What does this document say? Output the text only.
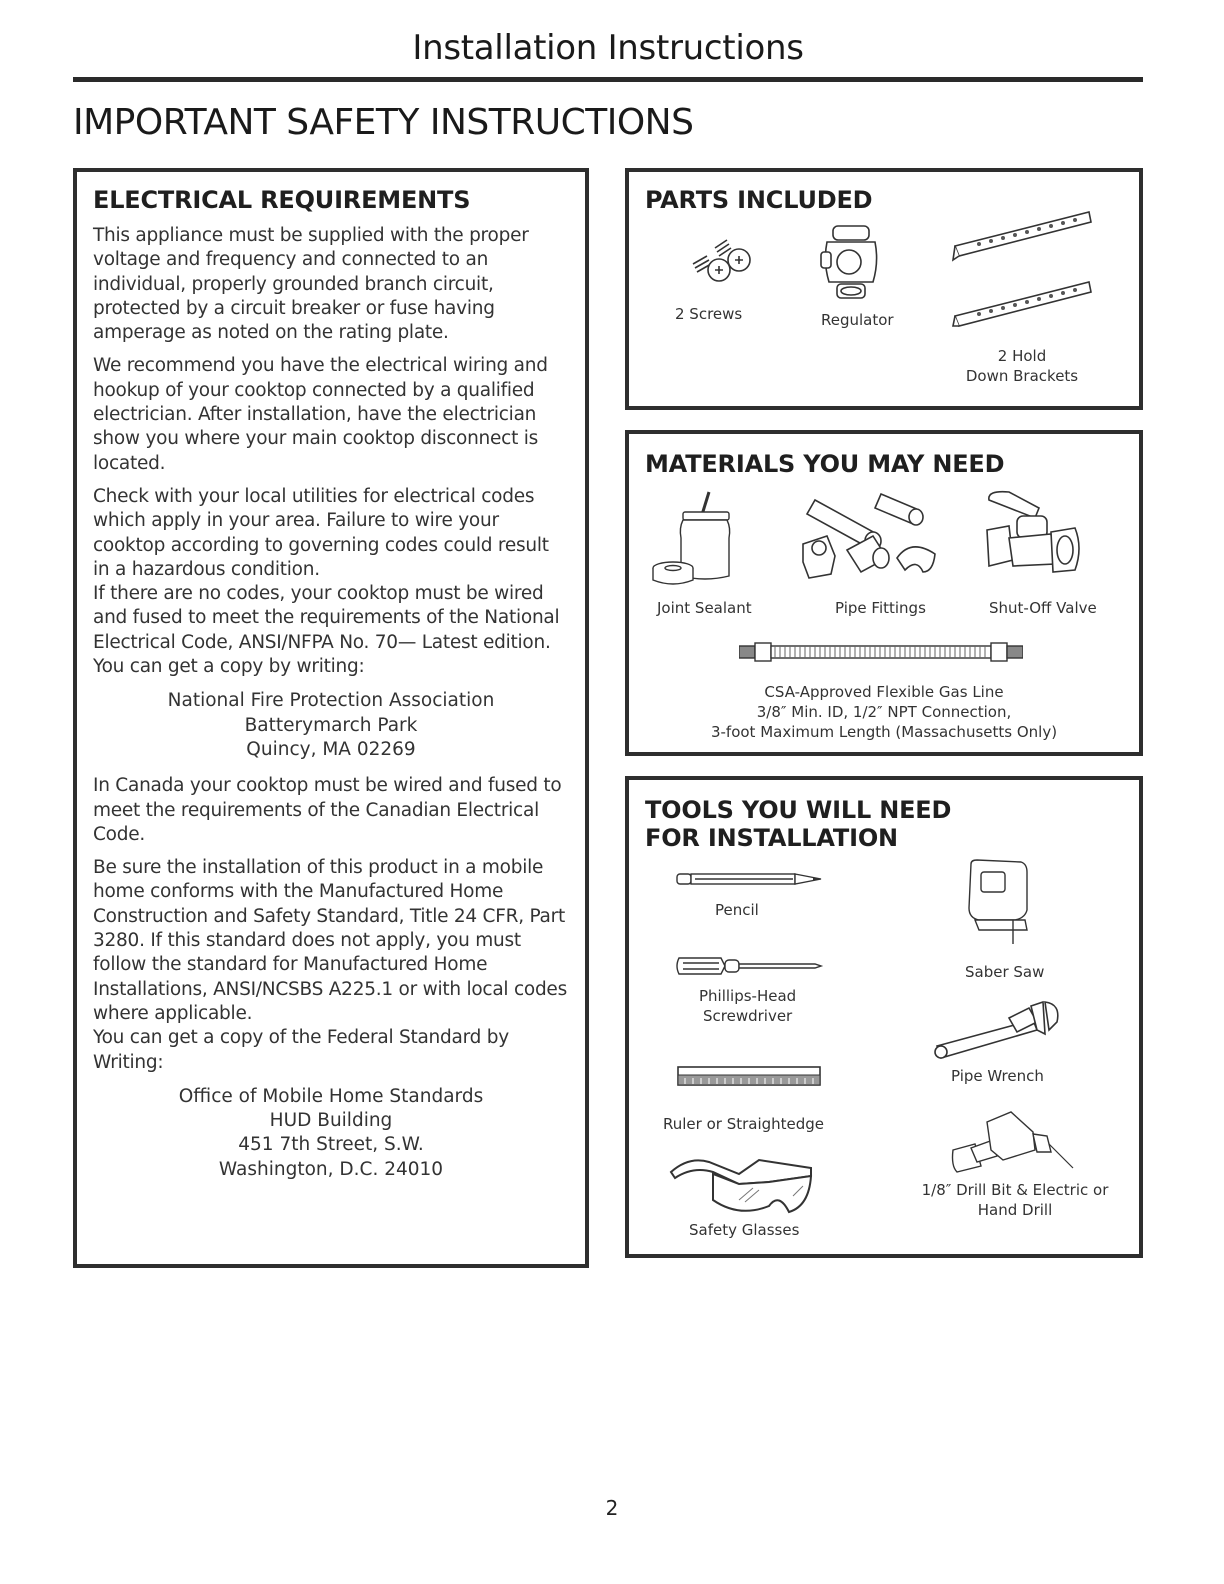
Installation Instructions
IMPORTANT SAFETY INSTRUCTIONS
ELECTRICAL REQUIREMENTS

This appliance must be supplied with the proper voltage and frequency and connected to an individual, properly grounded branch circuit, protected by a circuit breaker or fuse having amperage as noted on the rating plate.

We recommend you have the electrical wiring and hookup of your cooktop connected by a qualified electrician. After installation, have the electrician show you where your main cooktop disconnect is located.

Check with your local utilities for electrical codes which apply in your area. Failure to wire your cooktop according to governing codes could result in a hazardous condition.

If there are no codes, your cooktop must be wired and fused to meet the requirements of the National Electrical Code, ANSI/NFPA No. 70— Latest edition. You can get a copy by writing:

National Fire Protection Association
Batterymarch Park
Quincy, MA 02269

In Canada your cooktop must be wired and fused to meet the requirements of the Canadian Electrical Code.

Be sure the installation of this product in a mobile home conforms with the Manufactured Home Construction and Safety Standard, Title 24 CFR, Part 3280. If this standard does not apply, you must follow the standard for Manufactured Home Installations, ANSI/NCSBS A225.1 or with local codes where applicable.

You can get a copy of the Federal Standard by Writing:

Office of Mobile Home Standards
HUD Building
451 7th Street, S.W.
Washington, D.C. 24010
PARTS INCLUDED
2 Screws	Regulator
2 Hold
Down Brackets
MATERIALS YOU MAY NEED
Joint Sealant	Pipe Fittings	Shut-Off Valve
CSA-Approved Flexible Gas Line
3/8″ Min. ID, 1/2″ NPT Connection,
3-foot Maximum Length (Massachusetts Only)
TOOLS YOU WILL NEED
FOR INSTALLATION
Pencil
Phillips-Head
Screwdriver
Ruler or Straightedge
Safety Glasses
Saber Saw
Pipe Wrench
1/8″ Drill Bit & Electric or
Hand Drill
2
